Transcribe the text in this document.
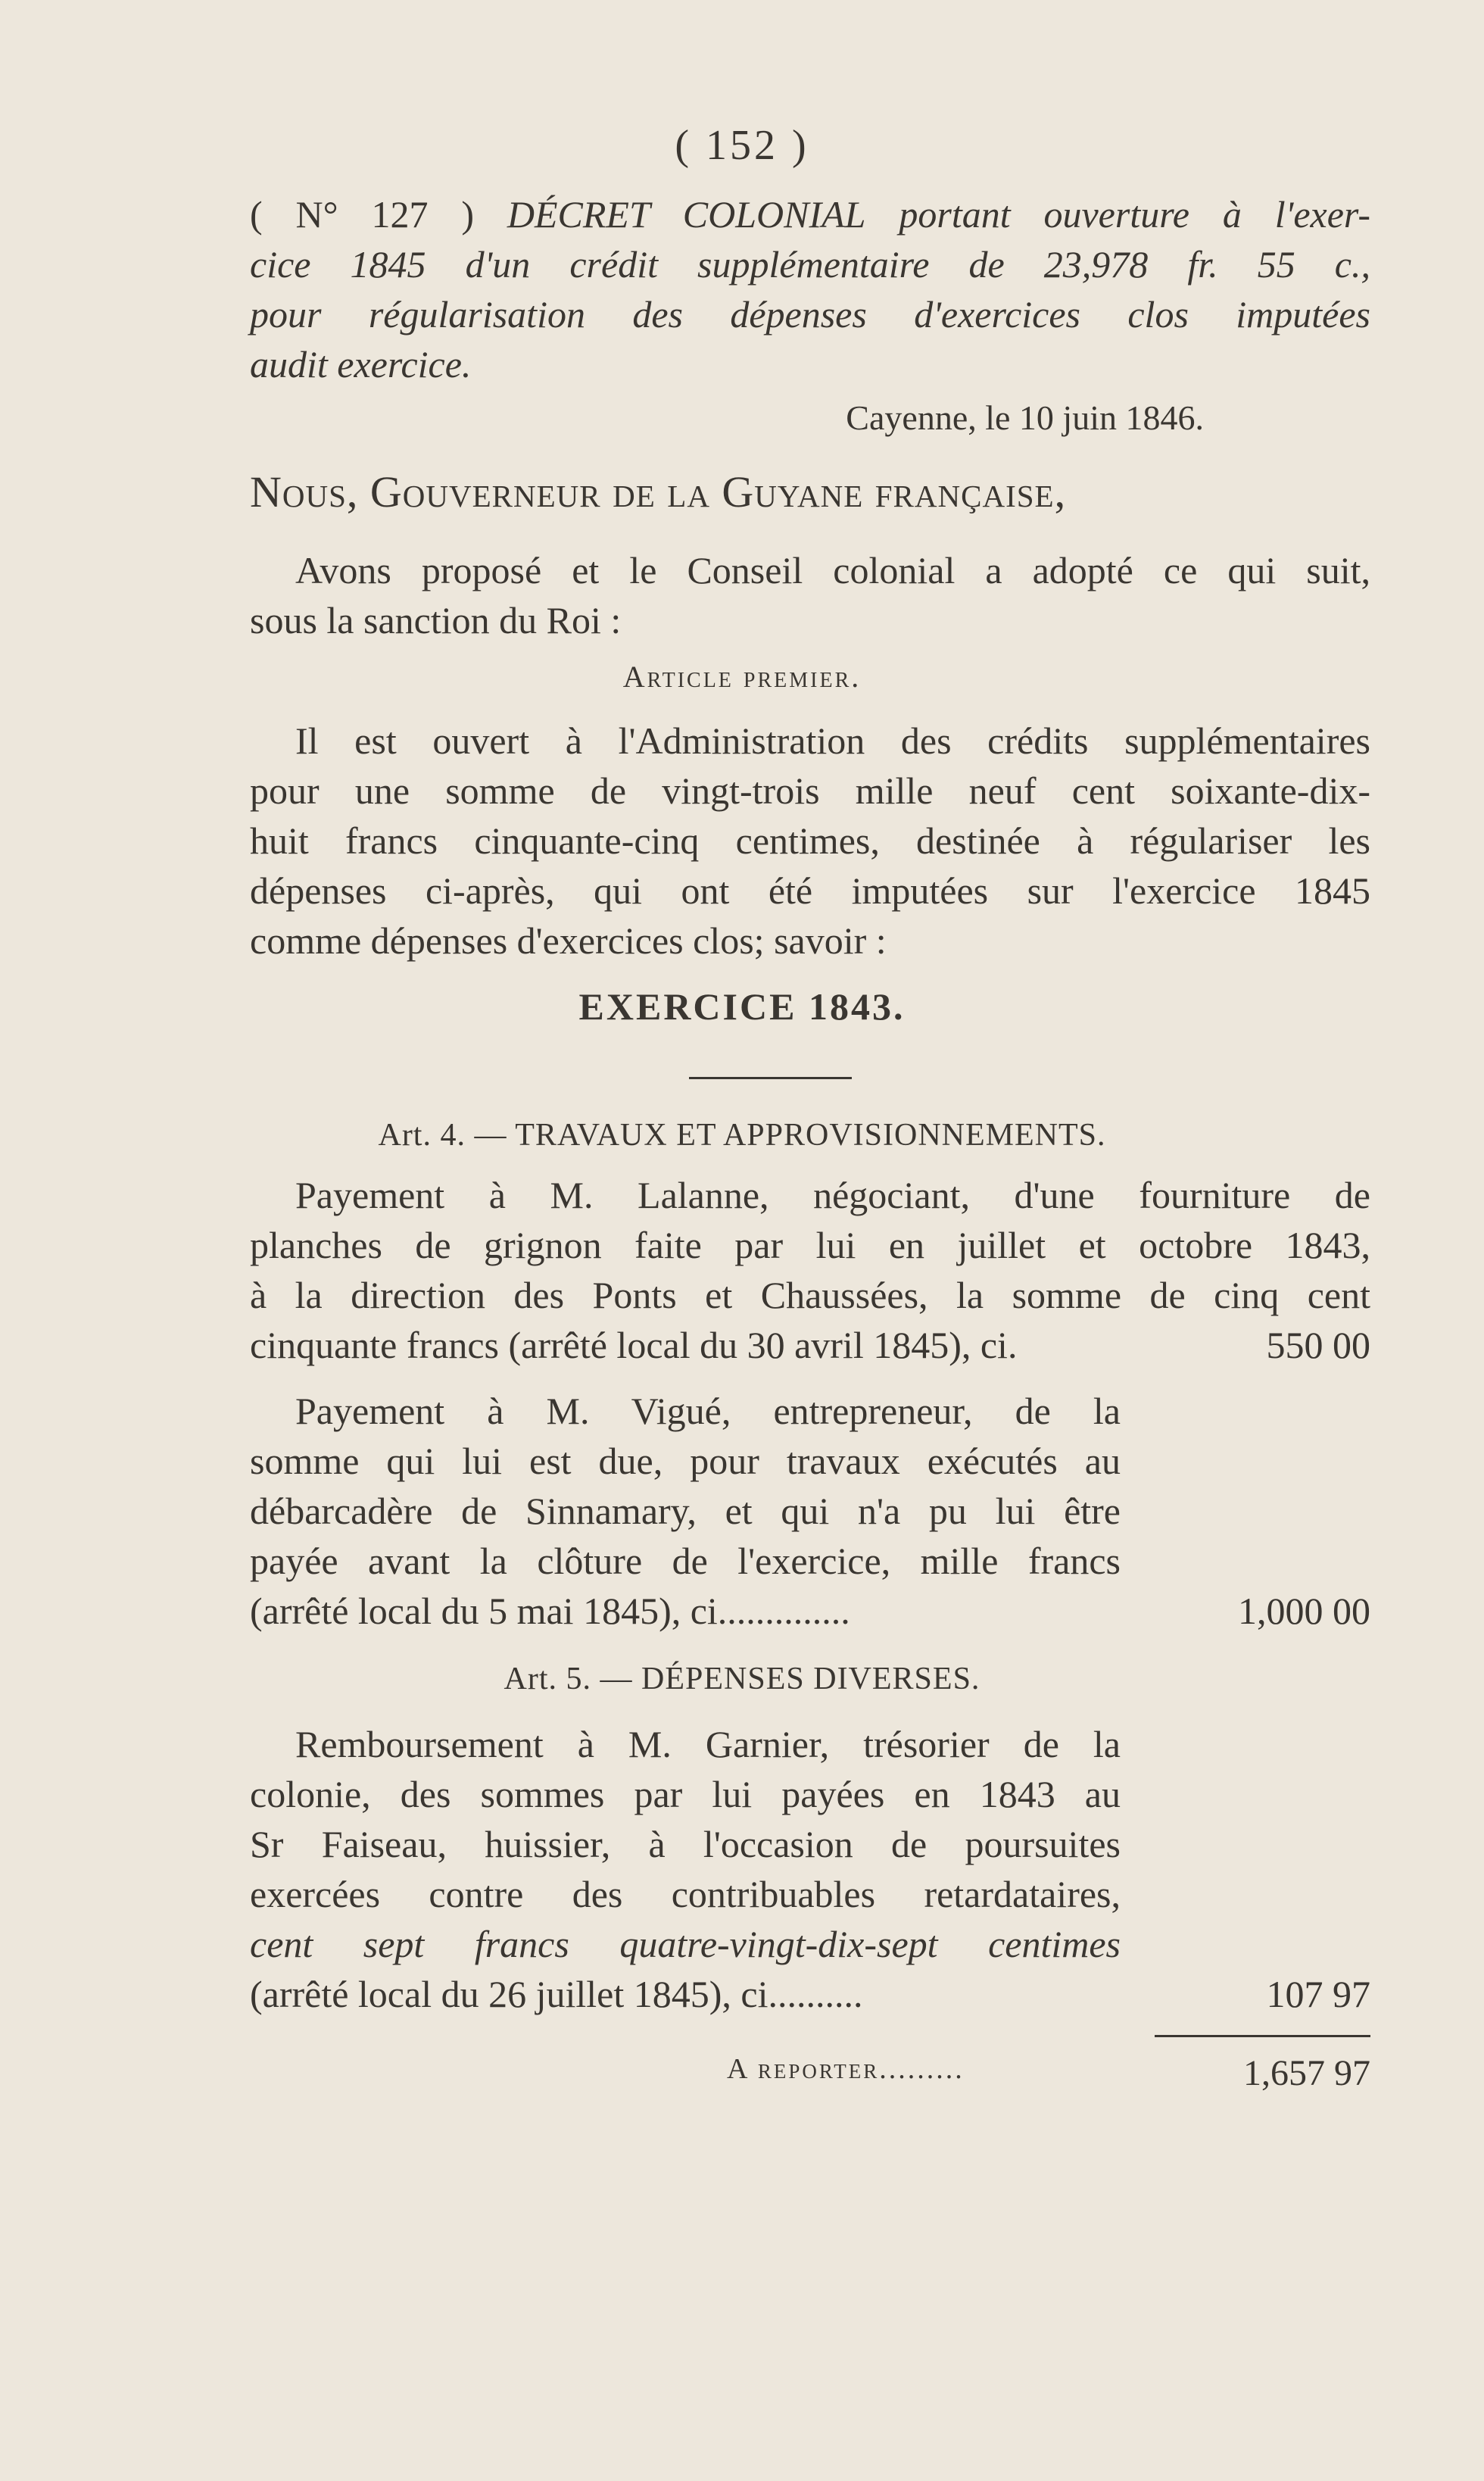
( 152 )
( N° 127 ) DÉCRET COLONIAL portant ouverture à l'exer-
cice 1845 d'un crédit supplémentaire de 23,978 fr. 55 c.,
pour régularisation des dépenses d'exercices clos imputées
audit exercice.
Cayenne, le 10 juin 1846.
Nous, Gouverneur de la Guyane française,
Avons proposé et le Conseil colonial a adopté ce qui suit,
sous la sanction du Roi :
Article premier.
Il est ouvert à l'Administration des crédits supplémentaires
pour une somme de vingt-trois mille neuf cent soixante-dix-
huit francs cinquante-cinq centimes, destinée à régulariser les
dépenses ci-après, qui ont été imputées sur l'exercice 1845
comme dépenses d'exercices clos; savoir :
EXERCICE 1843.
Art. 4. — TRAVAUX ET APPROVISIONNEMENTS.
Payement à M. Lalanne, négociant, d'une fourniture de
planches de grignon faite par lui en juillet et octobre 1843,
à la direction des Ponts et Chaussées, la somme de cinq cent
cinquante francs (arrêté local du 30 avril 1845), ci.	550 00
Payement à M. Vigué, entrepreneur, de la
somme qui lui est due, pour travaux exécutés au
débarcadère de Sinnamary, et qui n'a pu lui être
payée avant la clôture de l'exercice, mille francs
(arrêté local du 5 mai 1845), ci..............	1,000 00
Art. 5. — DÉPENSES DIVERSES.
Remboursement à M. Garnier, trésorier de la
colonie, des sommes par lui payées en 1843 au
Sr Faiseau, huissier, à l'occasion de poursuites
exercées contre des contribuables retardataires,
cent sept francs quatre-vingt-dix-sept centimes
(arrêté local du 26 juillet 1845), ci..........	107 97
A reporter.........	1,657 97
